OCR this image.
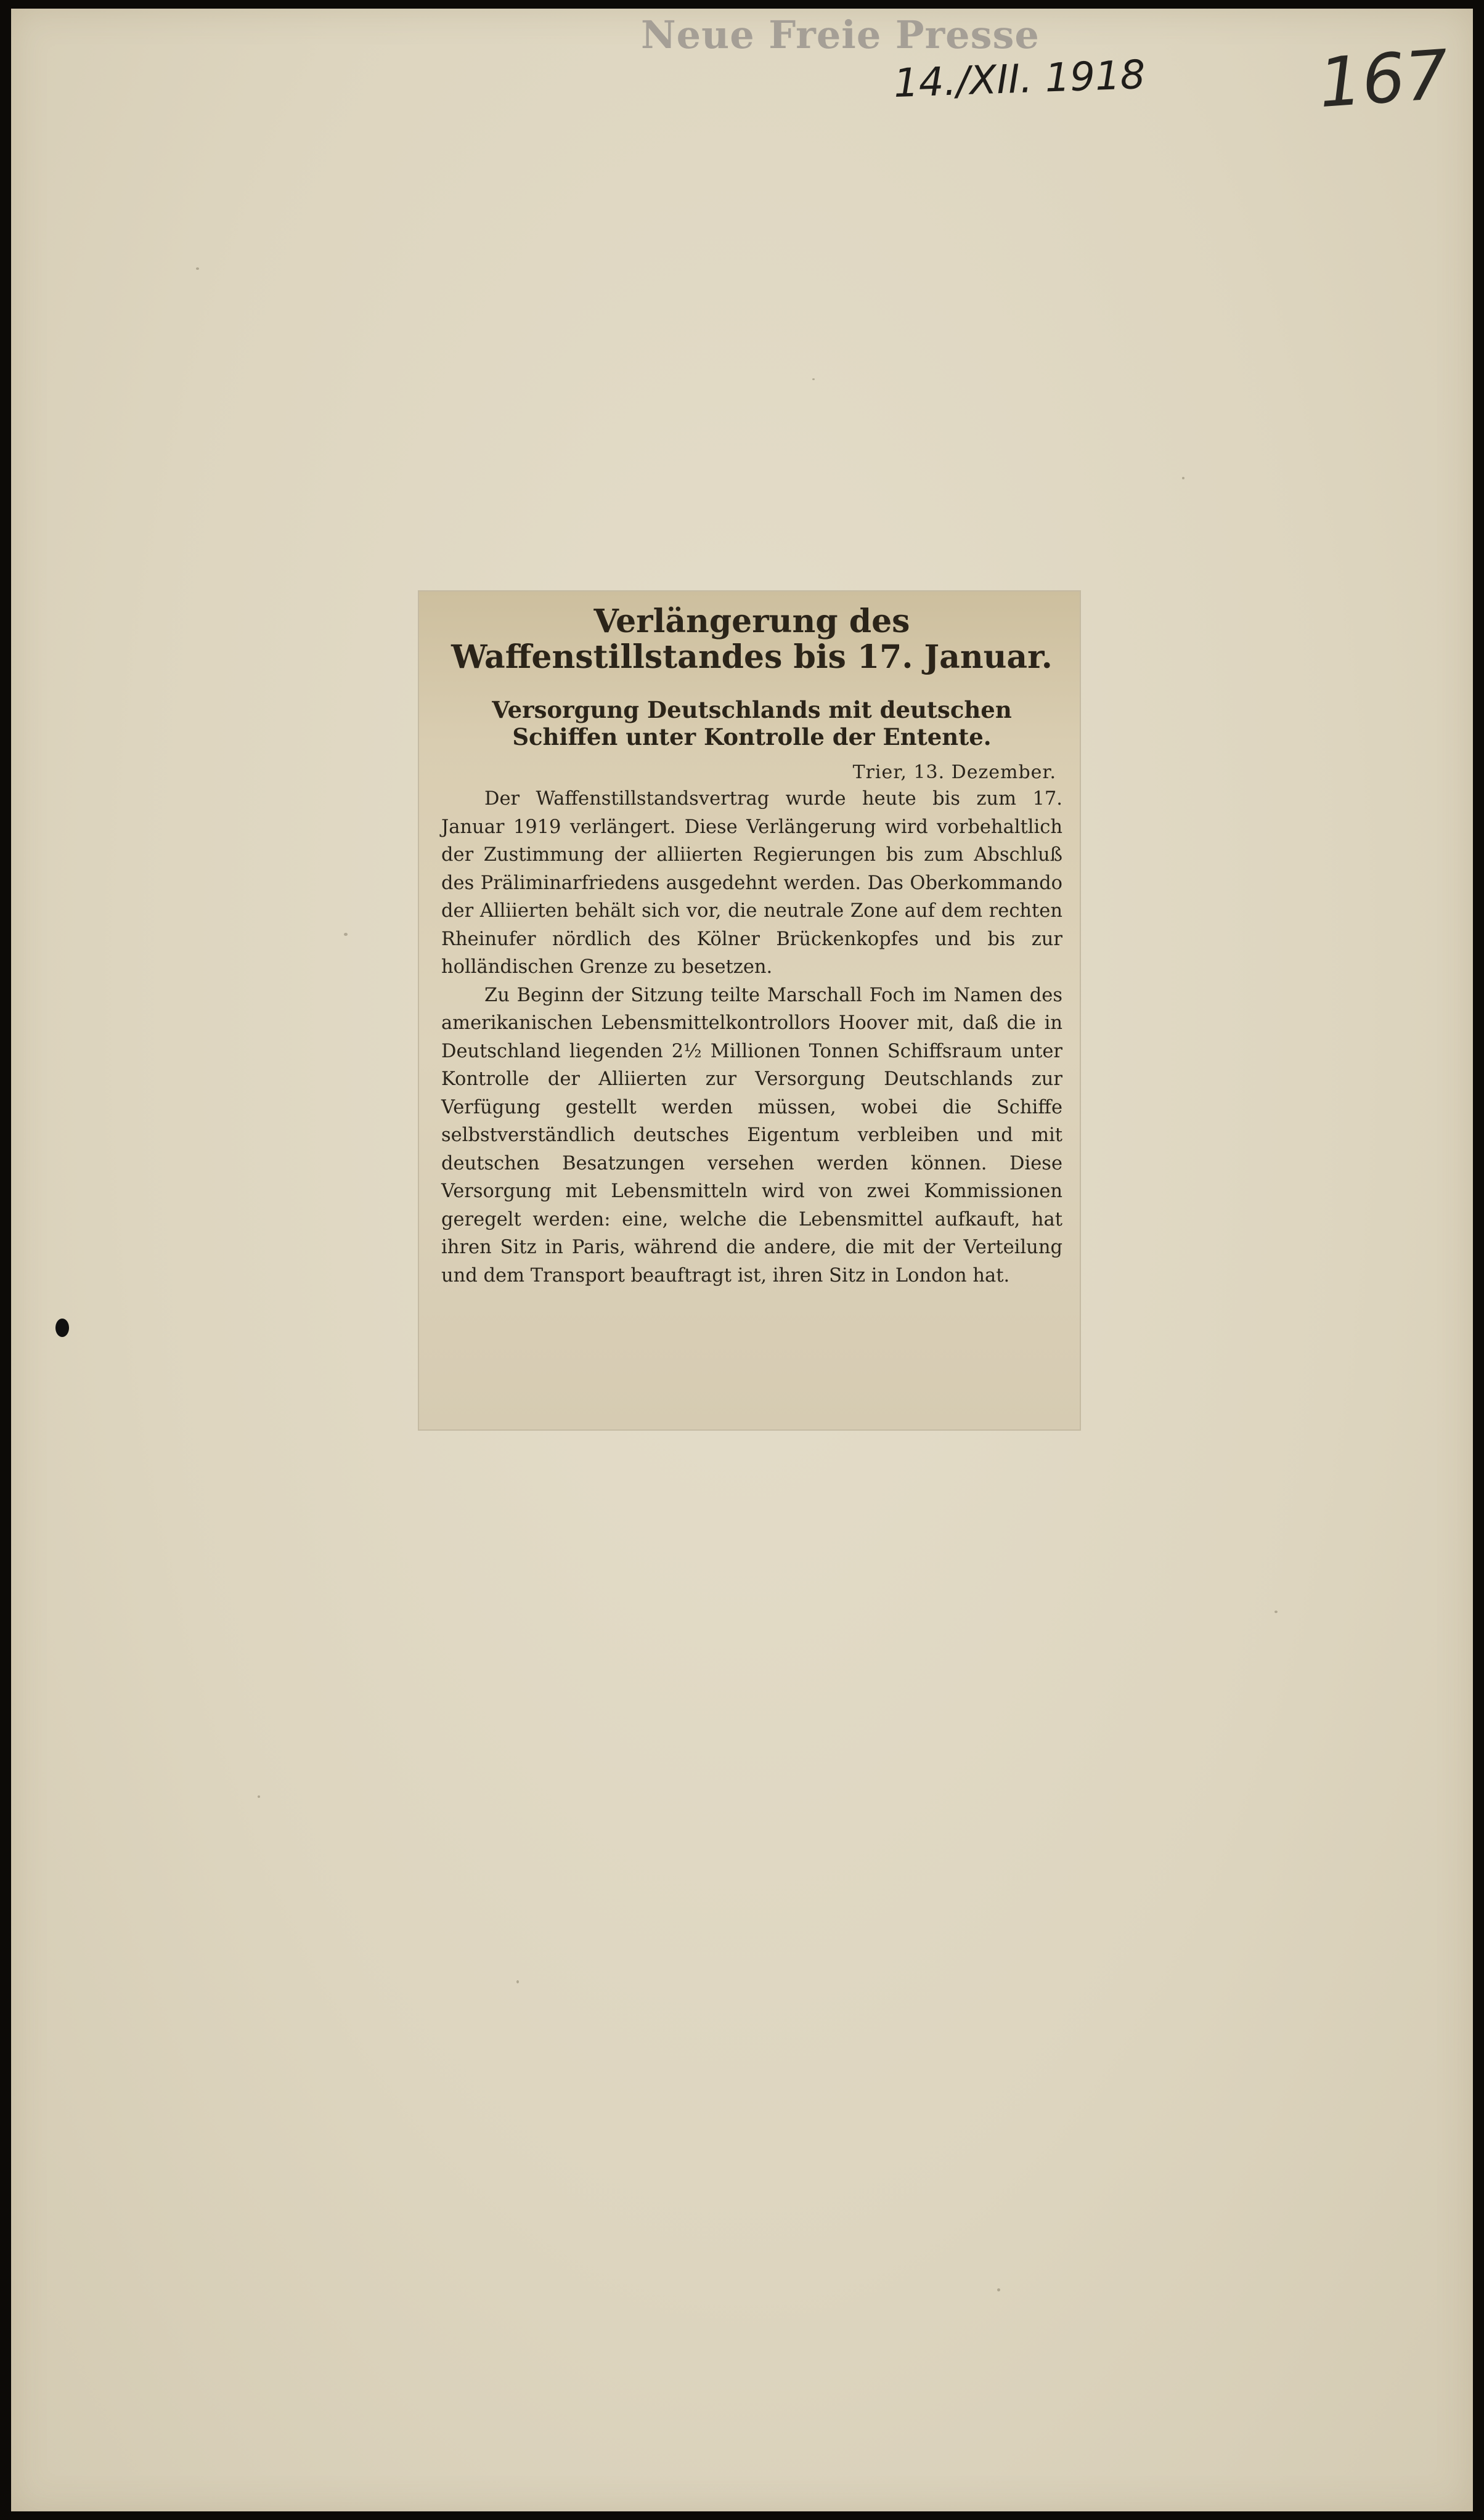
Neue Freie Presse
14./XII. 1918	167
Verlängerung des Waffenstillstandes bis 17. Januar.
Versorgung Deutschlands mit deutschen Schiffen unter Kontrolle der Entente.
Trier, 13. Dezember.

Der Waffenstillstandsvertrag wurde heute bis zum 17. Januar 1919 verlängert. Diese Verlängerung wird vorbehaltlich der Zustimmung der alliierten Regierungen bis zum Abschluß des Präliminarfriedens ausgedehnt werden. Das Oberkommando der Alliierten behält sich vor, die neutrale Zone auf dem rechten Rheinufer nördlich des Kölner Brückenkopfes und bis zur holländischen Grenze zu besetzen.

Zu Beginn der Sitzung teilte Marschall Foch im Namen des amerikanischen Lebensmittelkontrollors Hoover mit, daß die in Deutschland liegenden 2½ Millionen Tonnen Schiffsraum unter Kontrolle der Alliierten zur Versorgung Deutschlands zur Verfügung gestellt werden müssen, wobei die Schiffe selbstverständlich deutsches Eigentum verbleiben und mit deutschen Besatzungen versehen werden können. Diese Versorgung mit Lebensmitteln wird von zwei Kommissionen geregelt werden: eine, welche die Lebensmittel aufkauft, hat ihren Sitz in Paris, während die andere, die mit der Verteilung und dem Transport beauftragt ist, ihren Sitz in London hat.
